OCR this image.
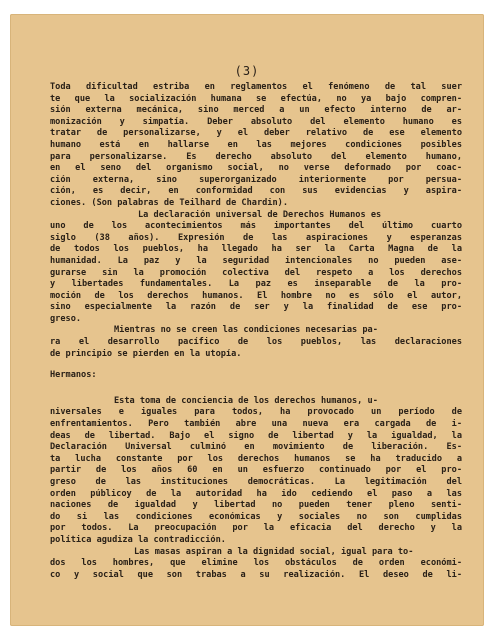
(3)
Toda dificultad estriba en reglamentos el fenómeno de tal suer
te que la socialización humana se efectúa, no ya bajo compren-
sión externa mecánica, sino merced a un efecto interno de ar-
monización y simpatía. Deber absoluto del elemento humano es
tratar de personalizarse, y el deber relativo de ese elemento
humano está en hallarse en las mejores condiciones posibles
para personalizarse. Es derecho absoluto del elemento humano,
en el seno del organismo social, no verse deformado por coac-
ción externa, sino superorganizado interiormente por persua-
ción, es decir, en conformidad con sus evidencias y aspira-
ciones. (Son palabras de Teilhard de Chardin).
La declaración universal de Derechos Humanos es
uno de los acontecimientos más importantes del último cuarto
siglo (38 años). Expresión de las aspiraciones y esperanzas
de todos los pueblos, ha llegado ha ser la Carta Magna de la
humanidad. La paz y la seguridad intencionales no pueden ase-
gurarse sin la promoción colectiva del respeto a los derechos
y libertades fundamentales. La paz es inseparable de la pro-
moción de los derechos humanos. El hombre no es sólo el autor,
sino especialmente la razón de ser y la finalidad de ese pro-
greso.
Mientras no se creen las condiciones necesarias pa-
ra el desarrollo pacífico de los pueblos, las declaraciones
de principio se pierden en la utopía.
Hermanos:
Esta toma de conciencia de los derechos humanos, u-
niversales e iguales para todos, ha provocado un período de
enfrentamientos. Pero también abre una nueva era cargada de i-
deas de libertad. Bajo el signo de libertad y la igualdad, la
Declaración Universal culminó en movimiento de liberación. Es-
ta lucha constante por los derechos humanos se ha traducido a
partir de los años 60 en un esfuerzo continuado por el pro-
greso de las instituciones democráticas. La legitimación del
orden públicoy de la autoridad ha ido cediendo el paso a las
naciones de igualdad y libertad no pueden tener pleno senti-
do si las condiciones económicas y sociales no son cumplidas
por todos. La preocupación por la eficacia del derecho y la
política agudiza la contradicción.
Las masas aspiran a la dignidad social, igual para to-
dos los hombres, que elimine los obstáculos de orden económi-
co y social que son trabas a su realización. El deseo de li-
